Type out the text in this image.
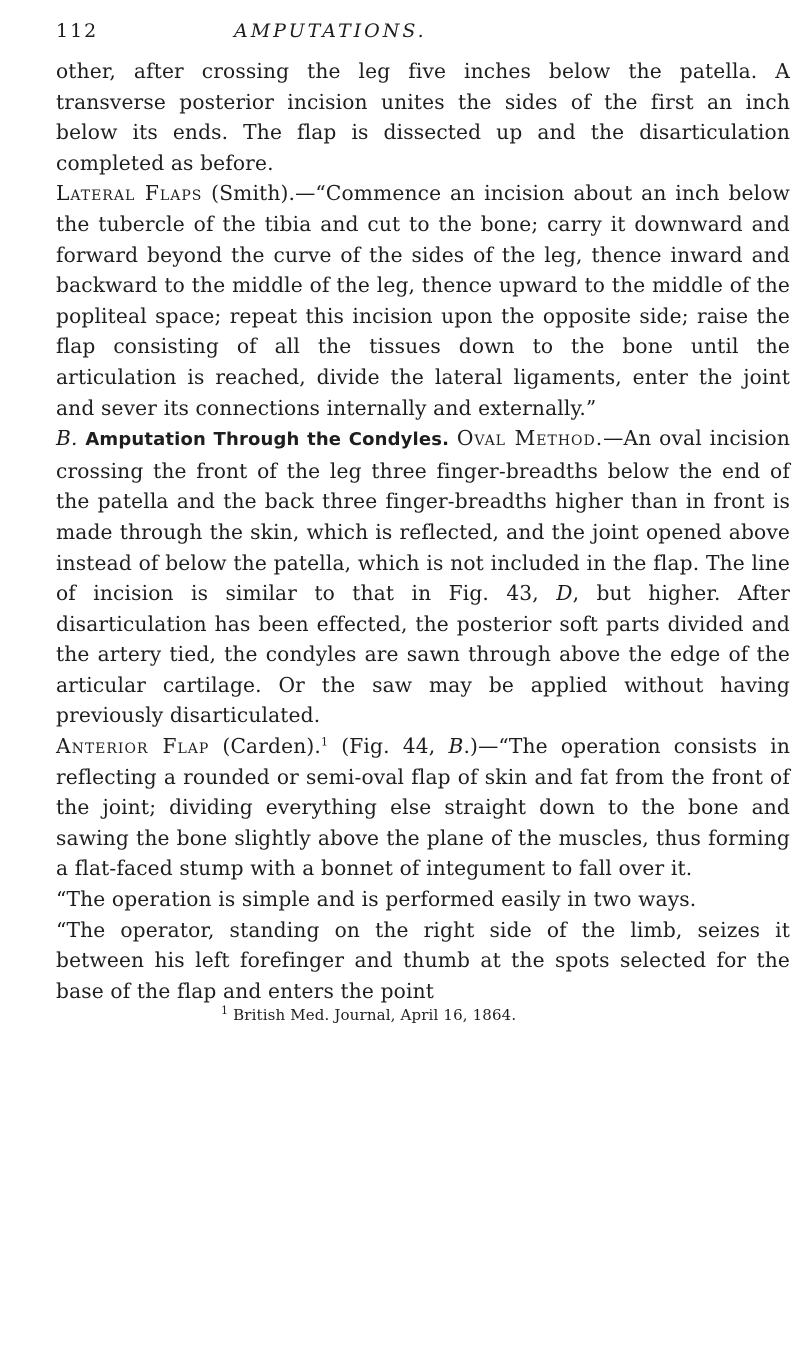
112	AMPUTATIONS.

other, after crossing the leg five inches below the patella. A transverse posterior incision unites the sides of the first an inch below its ends. The flap is dissected up and the disarticulation completed as before.

Lateral Flaps (Smith).—“Commence an incision about an inch below the tubercle of the tibia and cut to the bone; carry it downward and forward beyond the curve of the sides of the leg, thence inward and backward to the middle of the leg, thence upward to the middle of the popliteal space; repeat this incision upon the opposite side; raise the flap consisting of all the tissues down to the bone until the articulation is reached, divide the lateral ligaments, enter the joint and sever its connections internally and externally.”

B. Amputation Through the Condyles. Oval Method.—An oval incision crossing the front of the leg three finger-breadths below the end of the patella and the back three finger-breadths higher than in front is made through the skin, which is reflected, and the joint opened above instead of below the patella, which is not included in the flap. The line of incision is similar to that in Fig. 43, D, but higher. After disarticulation has been effected, the posterior soft parts divided and the artery tied, the condyles are sawn through above the edge of the articular cartilage. Or the saw may be applied without having previously disarticulated.

Anterior Flap (Carden).$^1$ (Fig. 44, B.)—“The operation consists in reflecting a rounded or semi-oval flap of skin and fat from the front of the joint; dividing everything else straight down to the bone and sawing the bone slightly above the plane of the muscles, thus forming a flat-faced stump with a bonnet of integument to fall over it.

“The operation is simple and is performed easily in two ways.

“The operator, standing on the right side of the limb, seizes it between his left forefinger and thumb at the spots selected for the base of the flap and enters the point

$^1$ British Med. Journal, April 16, 1864.
